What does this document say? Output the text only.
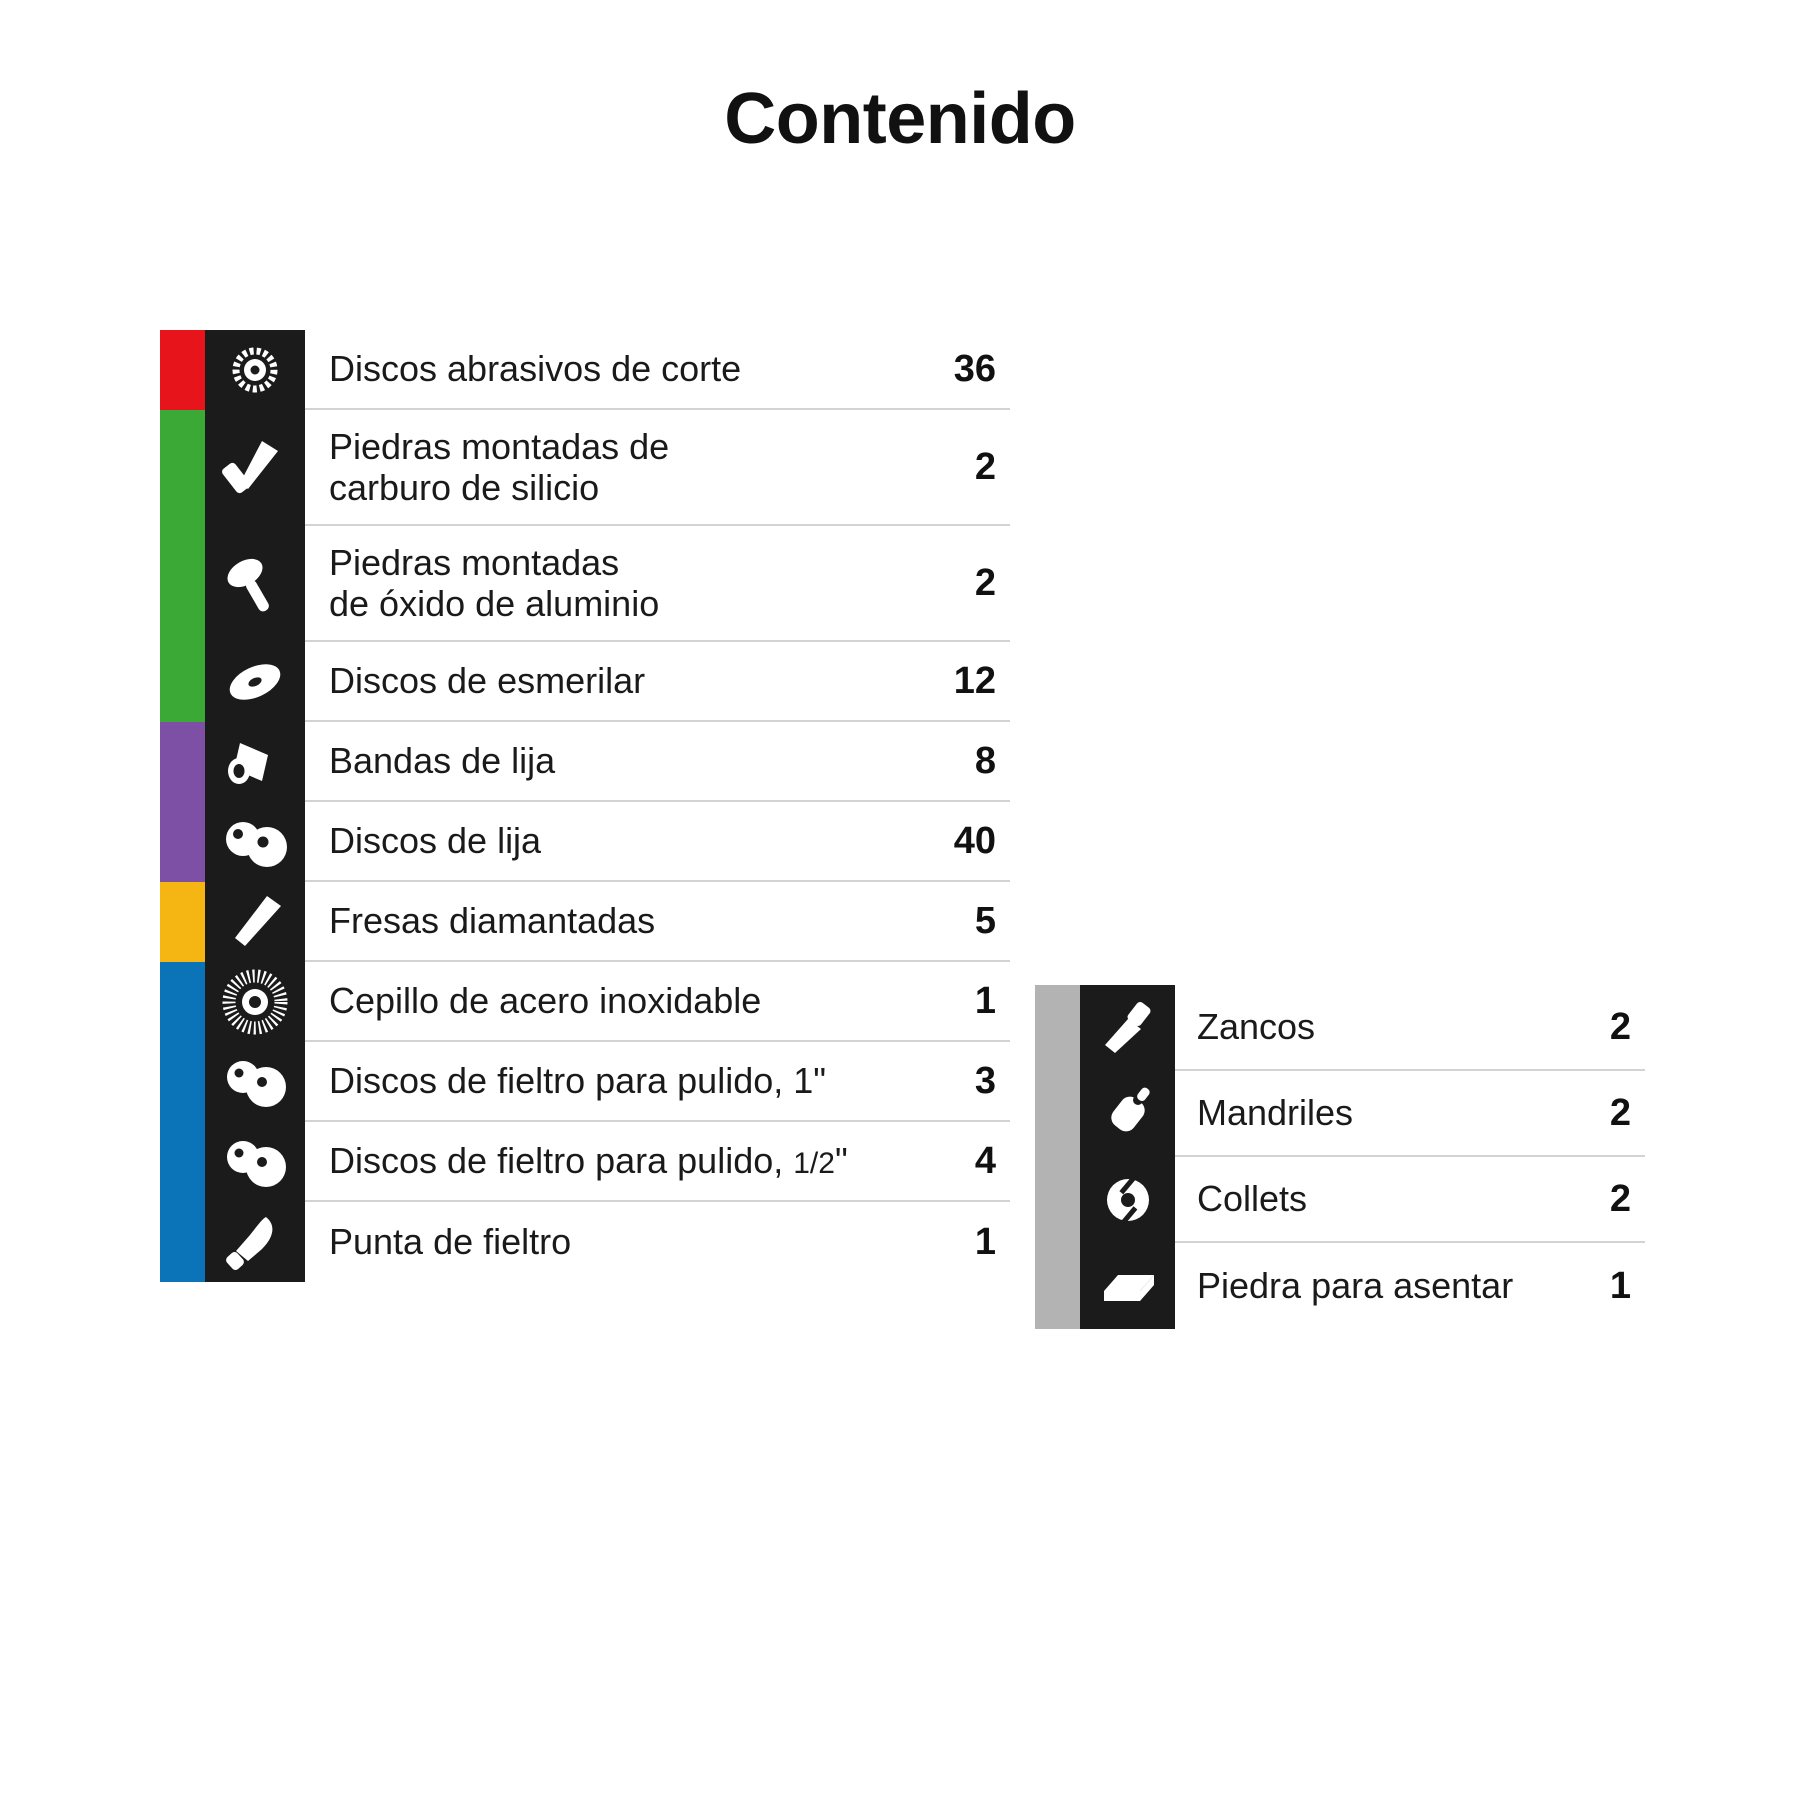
Contenido
Discos abrasivos de corte	36
Piedras montadas de
carburo de silicio	2
Piedras montadas
de óxido de aluminio	2
Discos de esmerilar	12
Bandas de lija	8
Discos de lija	40
Fresas diamantadas	5
Cepillo de acero inoxidable	1
Discos de fieltro para pulido, 1"	3
Discos de fieltro para pulido, 1/2"	4
Punta de fieltro	1
Zancos	2
Mandriles	2
Collets	2
Piedra para asentar	1
